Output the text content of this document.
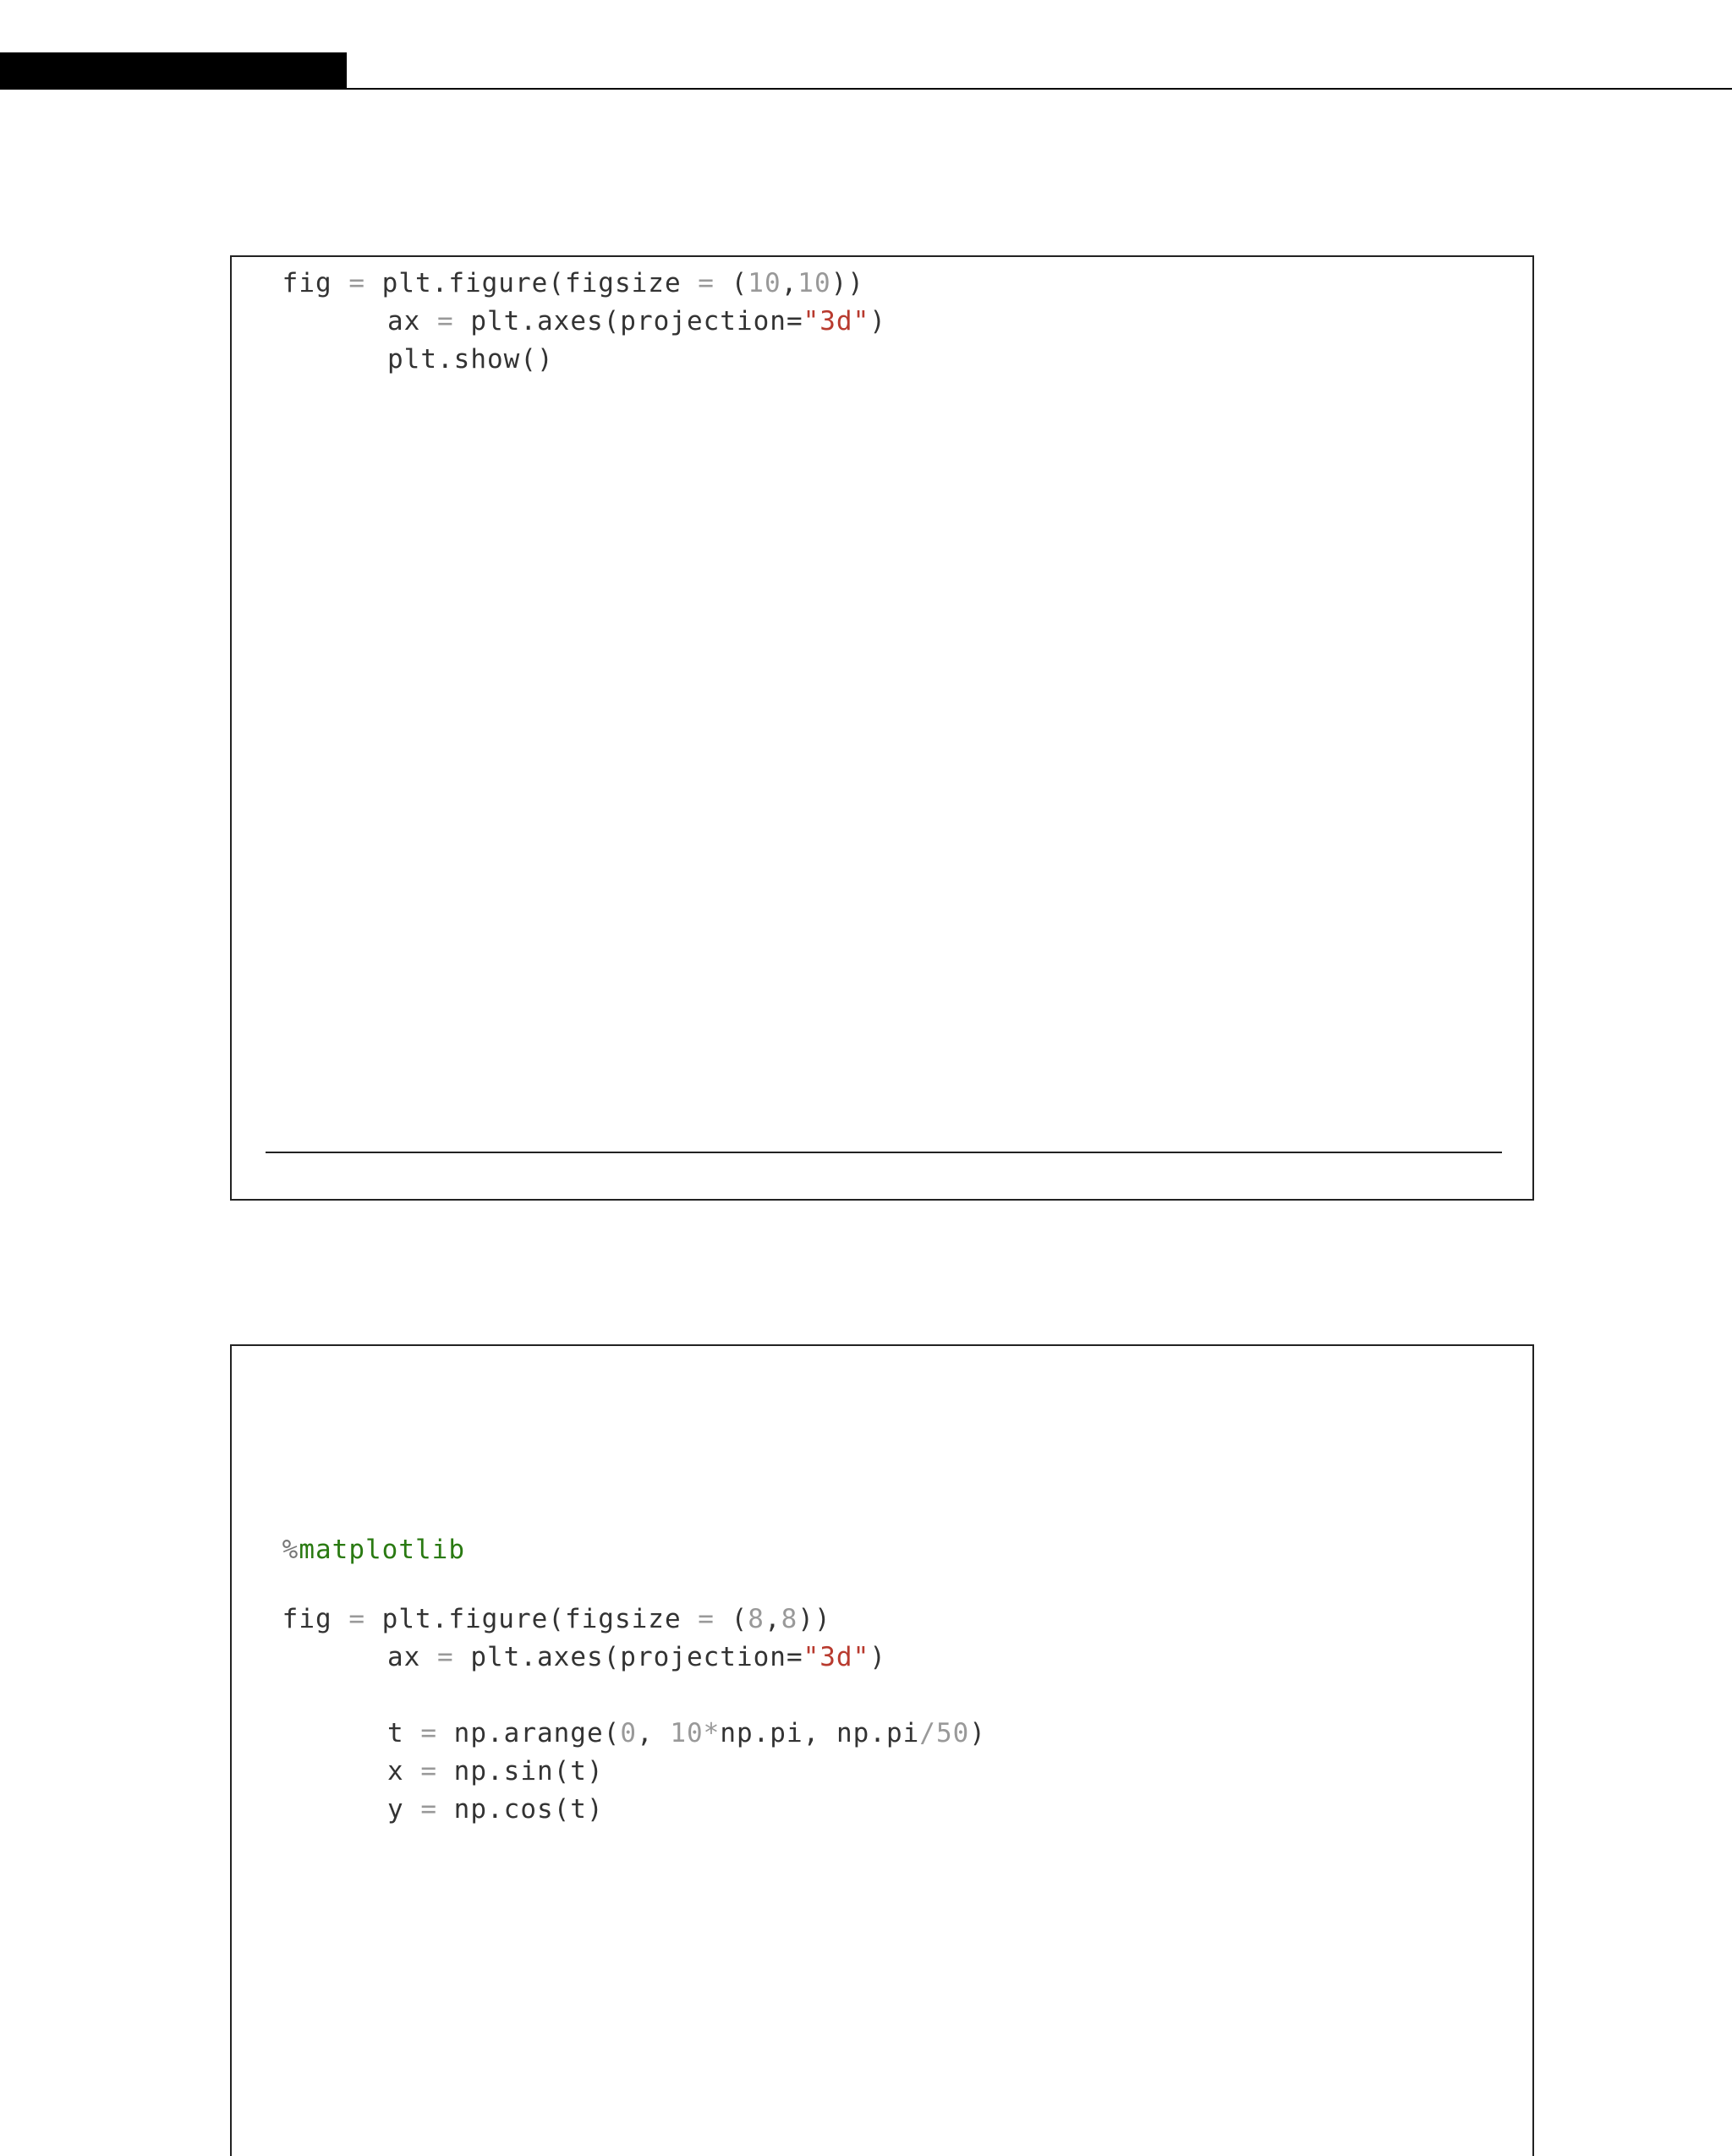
fig = plt.figure(figsize = (10,10))
ax = plt.axes(projection="3d")
plt.show()
%matplotlib
fig = plt.figure(figsize = (8,8))
ax = plt.axes(projection="3d")
t = np.arange(0, 10*np.pi, np.pi/50)
x = np.sin(t)
y = np.cos(t)
